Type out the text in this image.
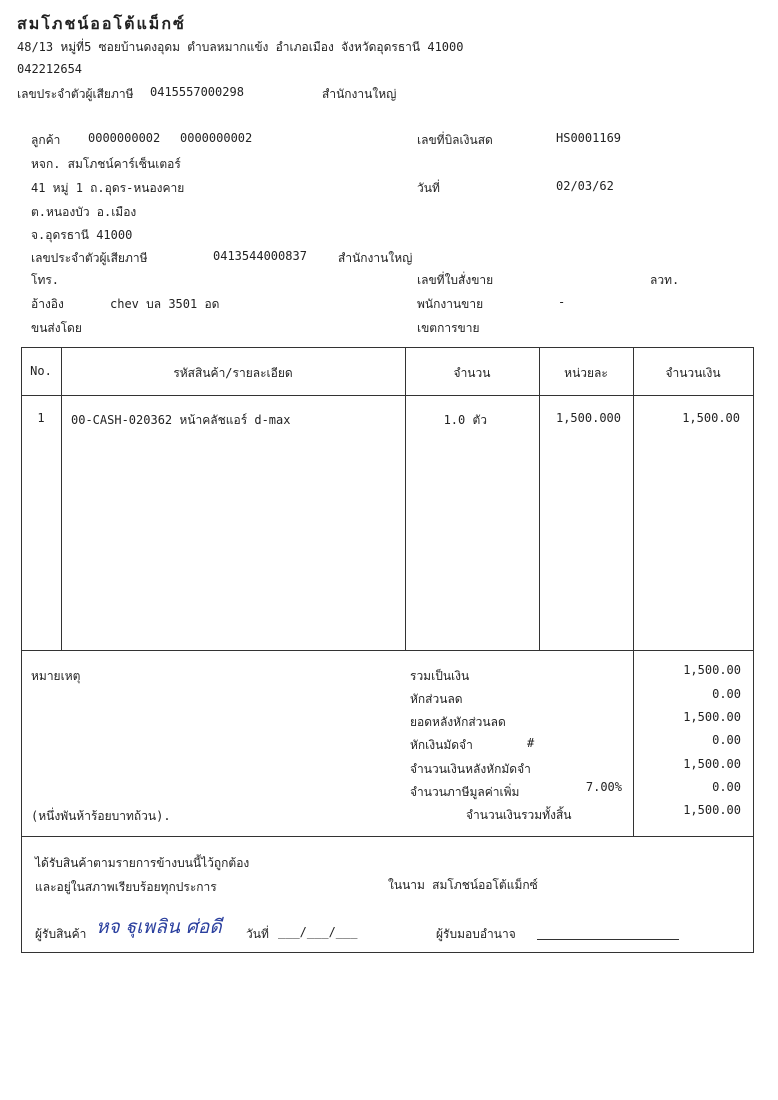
สมโภชน์ออโต้แม็กซ์
48/13 หมู่ที่5 ซอยบ้านดงอุดม ตำบลหมากแข้ง อำเภอเมือง จังหวัดอุดรธานี 41000
042212654
เลขประจำตัวผู้เสียภาษี 0415557000298	สำนักงานใหญ่
ลูกค้า 0000000002 0000000002
หจก. สมโภชน์คาร์เซ็นเตอร์
41 หมู่ 1 ถ.อุดร-หนองคาย
ต.หนองบัว อ.เมือง
จ.อุดรธานี 41000
เลขประจำตัวผู้เสียภาษี	0413544000837	สำนักงานใหญ่
โทร.
อ้างอิง	chev บล 3501 อด
ขนส่งโดย
เลขที่บิลเงินสด	HS0001169
วันที่	02/03/62
เลขที่ใบสั่งขาย	ลวท.
พนักงานขาย	-
เขตการขาย
No.	รหัสสินค้า/รายละเอียด	จำนวน	หน่วยละ	จำนวนเงิน
1	00-CASH-020362 หน้าคลัชแอร์ d-max	1.0 ตัว	1,500.000	1,500.00
หมายเหตุ
(หนึ่งพันห้าร้อยบาทถ้วน).
รวมเป็นเงิน	1,500.00
หักส่วนลด	0.00
ยอดหลังหักส่วนลด	1,500.00
หักเงินมัดจำ	#	0.00
จำนวนเงินหลังหักมัดจำ	1,500.00
จำนวนภาษีมูลค่าเพิ่ม	7.00%	0.00
จำนวนเงินรวมทั้งสิ้น	1,500.00
ได้รับสินค้าตามรายการข้างบนนี้ไว้ถูกต้อง
และอยู่ในสภาพเรียบร้อยทุกประการ	ในนาม สมโภชน์ออโต้แม็กซ์
ผู้รับสินค้า หจ ฐุเพลิน ศ่อดี วันที่ ___/___/___	ผู้รับมอบอำนาจ
